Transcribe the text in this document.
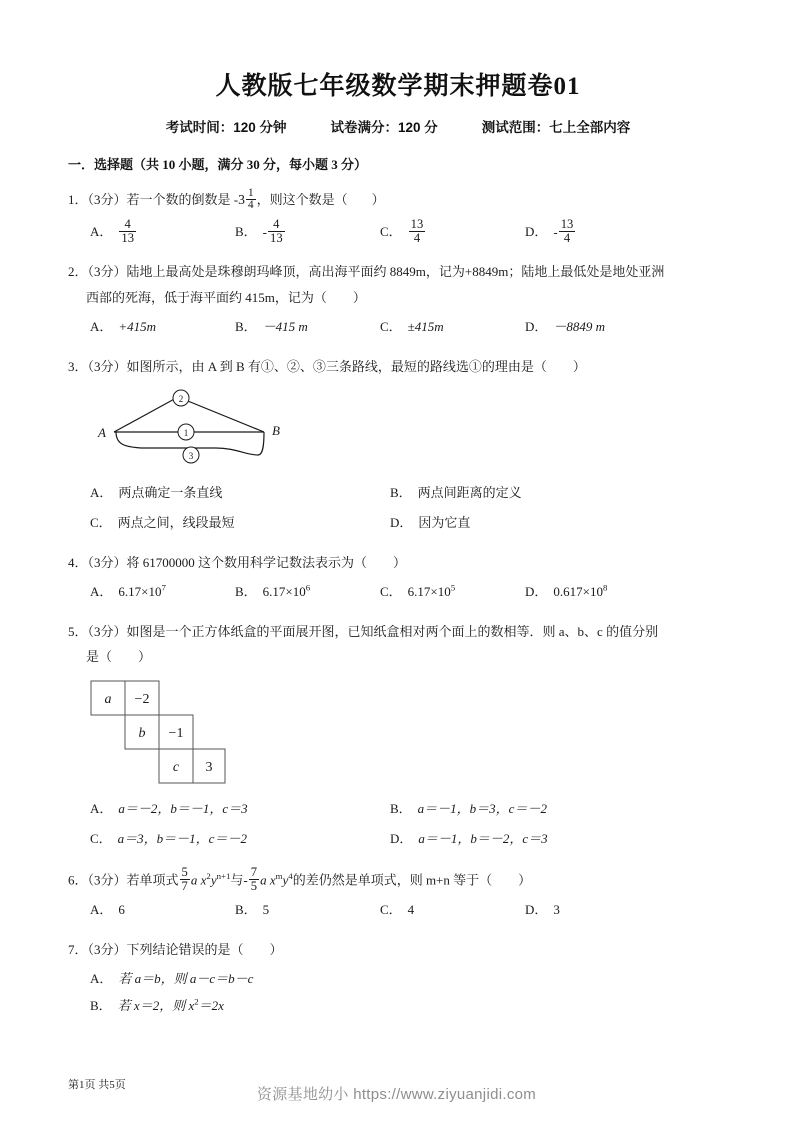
人教版七年级数学期末押题卷01
考试时间：120 分钟	试卷满分：120 分	测试范围：七上全部内容
一．选择题（共 10 小题，满分 30 分，每小题 3 分）
1．（3分）若一个数的倒数是 $-3 \frac{1}{4}$ ，则这个数是（ ）
A． $\frac{4}{13}$	B． - $\frac{4}{13}$	C． $\frac{13}{4}$	D． - $\frac{13}{4}$
2．（3分）陆地上最高处是珠穆朗玛峰顶，高出海平面约 8849m，记为+8849m；陆地上最低处是地处亚洲
西部的死海，低于海平面约 415m，记为（　　）
A． +415m	B． －415 m	C． ±415m	D． －8849 m
3．（3分）如图所示，由 A 到 B 有①、②、③三条路线，最短的路线选①的理由是（　　）
A	B
1
2
3
A． 两点确定一条直线	B． 两点间距离的定义
C． 两点之间，线段最短	D． 因为它直
4．（3分）将 61700000 这个数用科学记数法表示为（　　）
A． $6.17\times 10^7$	B． $6.17\times 10^6$	C． $6.17\times 10^5$	D． $0.617\times 10^8$
5．（3分）如图是一个正方体纸盒的平面展开图，已知纸盒相对两个面上的数相等．则 a、b、c 的值分别
是（　　）
a −2
b −1
c 3
A． a＝－2，b＝－1，c＝3	B． a＝－1，b＝3，c＝－2
C． a＝3，b＝－1，c＝－2	D． a＝－1，b＝－2，c＝3
6．（3分）若单项式 $\frac{5}{7}$ a $x^2y^{n+1}$与- $\frac{7}{5}$ a $x^my^4$的差仍然是单项式，则 m+n 等于（　　）
A． 6	B． 5	C． 4	D． 3
7．（3分）下列结论错误的是（　　）
A． 若 a＝b，则 a－c＝b－c
B． 若 x＝2，则 $x^2=2x$
第1页 共5页
资源基地幼小 https://www.ziyuanjidi.com
